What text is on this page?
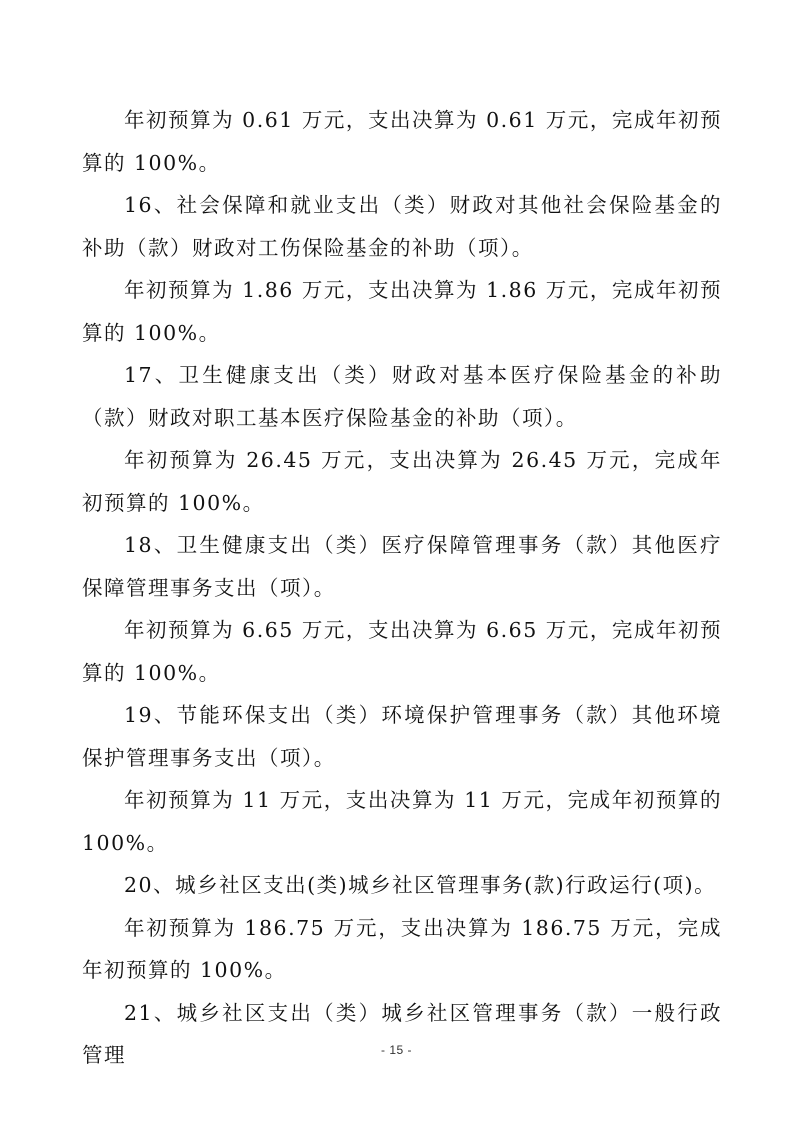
年初预算为 0.61 万元，支出决算为 0.61 万元，完成年初预算的 100%。

16、社会保障和就业支出（类）财政对其他社会保险基金的补助（款）财政对工伤保险基金的补助（项）。

年初预算为 1.86 万元，支出决算为 1.86 万元，完成年初预算的 100%。

17、卫生健康支出（类）财政对基本医疗保险基金的补助（款）财政对职工基本医疗保险基金的补助（项）。

年初预算为 26.45 万元，支出决算为 26.45 万元，完成年初预算的 100%。

18、卫生健康支出（类）医疗保障管理事务（款）其他医疗保障管理事务支出（项）。

年初预算为 6.65 万元，支出决算为 6.65 万元，完成年初预算的 100%。

19、节能环保支出（类）环境保护管理事务（款）其他环境保护管理事务支出（项）。

年初预算为 11 万元，支出决算为 11 万元，完成年初预算的 100%。

20、城乡社区支出(类)城乡社区管理事务(款)行政运行(项)。

年初预算为 186.75 万元，支出决算为 186.75 万元，完成年初预算的 100%。

21、城乡社区支出（类）城乡社区管理事务（款）一般行政管理	- 15 -
